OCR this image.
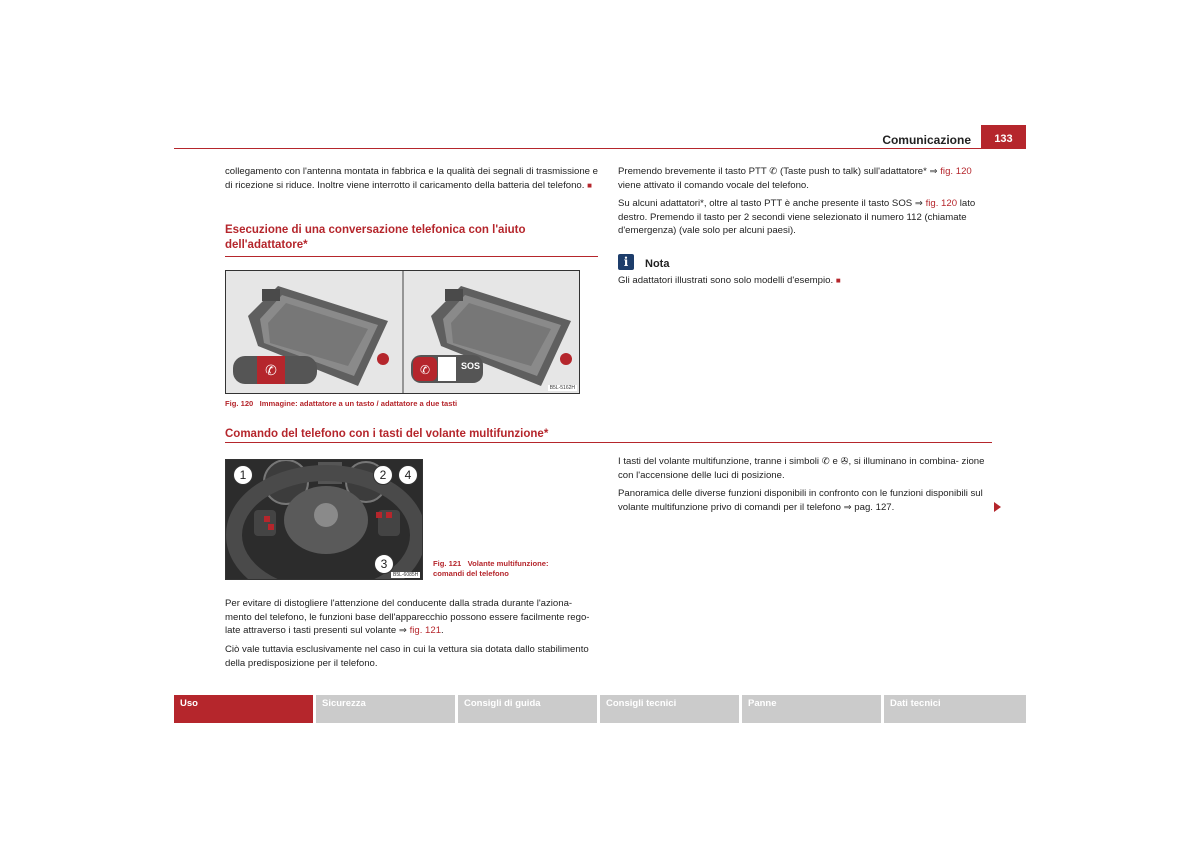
Comunicazione	133
collegamento con l'antenna montata in fabbrica e la qualità dei segnali di trasmissione e di ricezione si riduce. Inoltre viene interrotto il caricamento della batteria del telefono. ■
Esecuzione di una conversazione telefonica con l'aiuto
dell'adattatore*
✆	✆	SOS
B5L-5162H
Fig. 120 Immagine: adattatore a un tasto / adattatore a due tasti
Premendo brevemente il tasto PTT ✆ (Taste push to talk) sull'adattatore* ⇒ fig. 120 viene attivato il comando vocale del telefono.
Su alcuni adattatori*, oltre al tasto PTT è anche presente il tasto SOS ⇒ fig. 120 lato destro. Premendo il tasto per 2 secondi viene selezionato il numero 112 (chiamate d'emergenza) (vale solo per alcuni paesi).
i	Nota
Gli adattatori illustrati sono solo modelli d'esempio. ■
Comando del telefono con i tasti del volante multifunzione*
1	2	4
3
B5L-6085H
Fig. 121 Volante multifunzione:
comandi del telefono
Per evitare di distogliere l'attenzione del conducente dalla strada durante l'aziona-
mento del telefono, le funzioni base dell'apparecchio possono essere facilmente rego-
late attraverso i tasti presenti sul volante ⇒ fig. 121.
Ciò vale tuttavia esclusivamente nel caso in cui la vettura sia dotata dallo stabilimento della predisposizione per il telefono.
I tasti del volante multifunzione, tranne i simboli ✆ e ✇, si illuminano in combina- zione con l'accensione delle luci di posizione.
Panoramica delle diverse funzioni disponibili in confronto con le funzioni disponibili sul volante multifunzione privo di comandi per il telefono ⇒ pag. 127.
Uso	Sicurezza	Consigli di guida	Consigli tecnici	Panne	Dati tecnici
